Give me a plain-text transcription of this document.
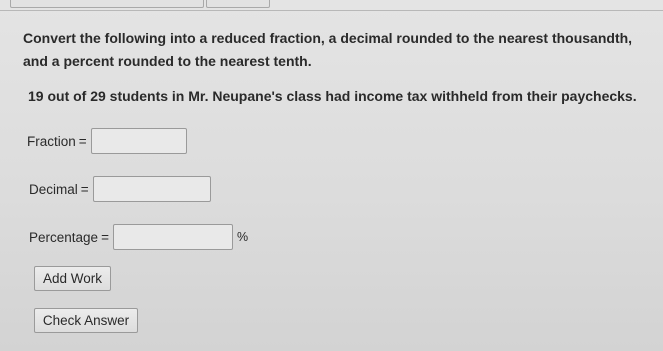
Convert the following into a reduced fraction, a decimal rounded to the nearest thousandth, and a percent rounded to the nearest tenth.

19 out of 29 students in Mr. Neupane's class had income tax withheld from their paychecks.

Fraction =
Decimal =
Percentage =	%
Add Work
Check Answer
